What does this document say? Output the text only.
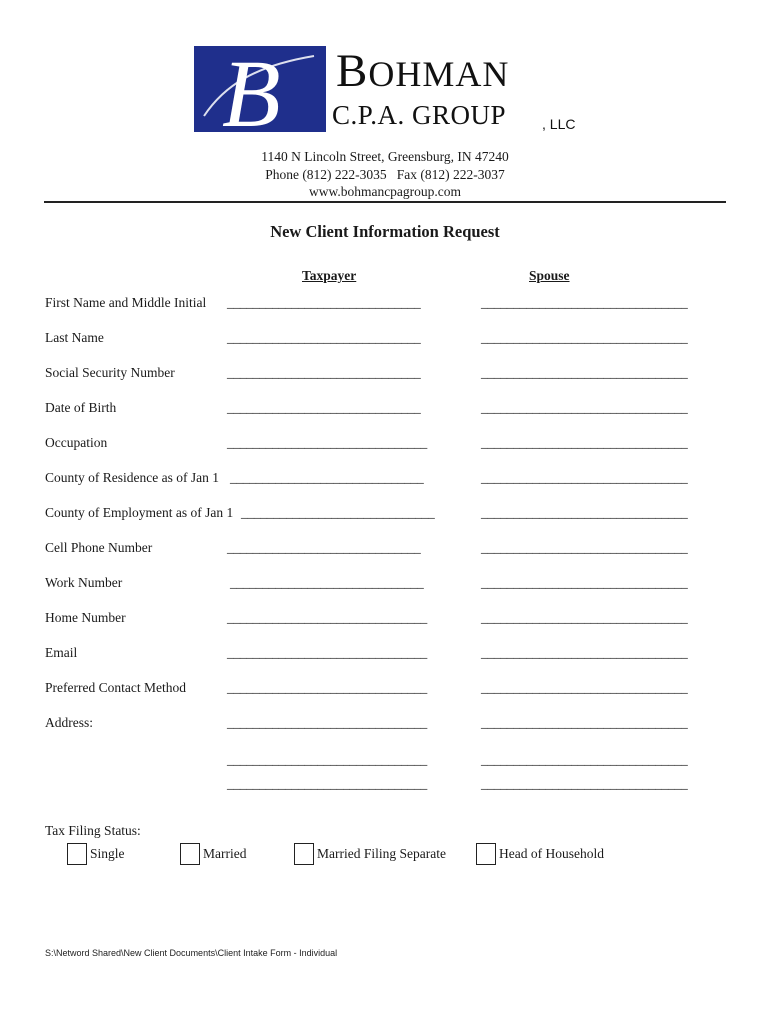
B BOHMAN
C.P.A. GROUP	, LLC
1140 N Lincoln Street, Greensburg, IN 47240
Phone (812) 222-3035   Fax (812) 222-3037
www.bohmancpagroup.com
New Client Information Request
Taxpayer	Spouse
First Name and Middle Initial ______________________________	________________________________
Last Name	______________________________	________________________________
Social Security Number	______________________________	________________________________
Date of Birth	______________________________	________________________________
Occupation	_______________________________	________________________________
County of Residence as of Jan 1 ______________________________	________________________________
County of Employment as of Jan 1 ______________________________	________________________________
Cell Phone Number	______________________________	________________________________
Work Number	______________________________	________________________________
Home Number	_______________________________	________________________________
Email	_______________________________	________________________________
Preferred Contact Method	_______________________________	________________________________
Address:	_______________________________	________________________________
_______________________________	________________________________
_______________________________	________________________________
Tax Filing Status:
Single	Married	Married Filing Separate	Head of Household
S:\Netword Shared\New Client Documents\Client Intake Form - Individual
